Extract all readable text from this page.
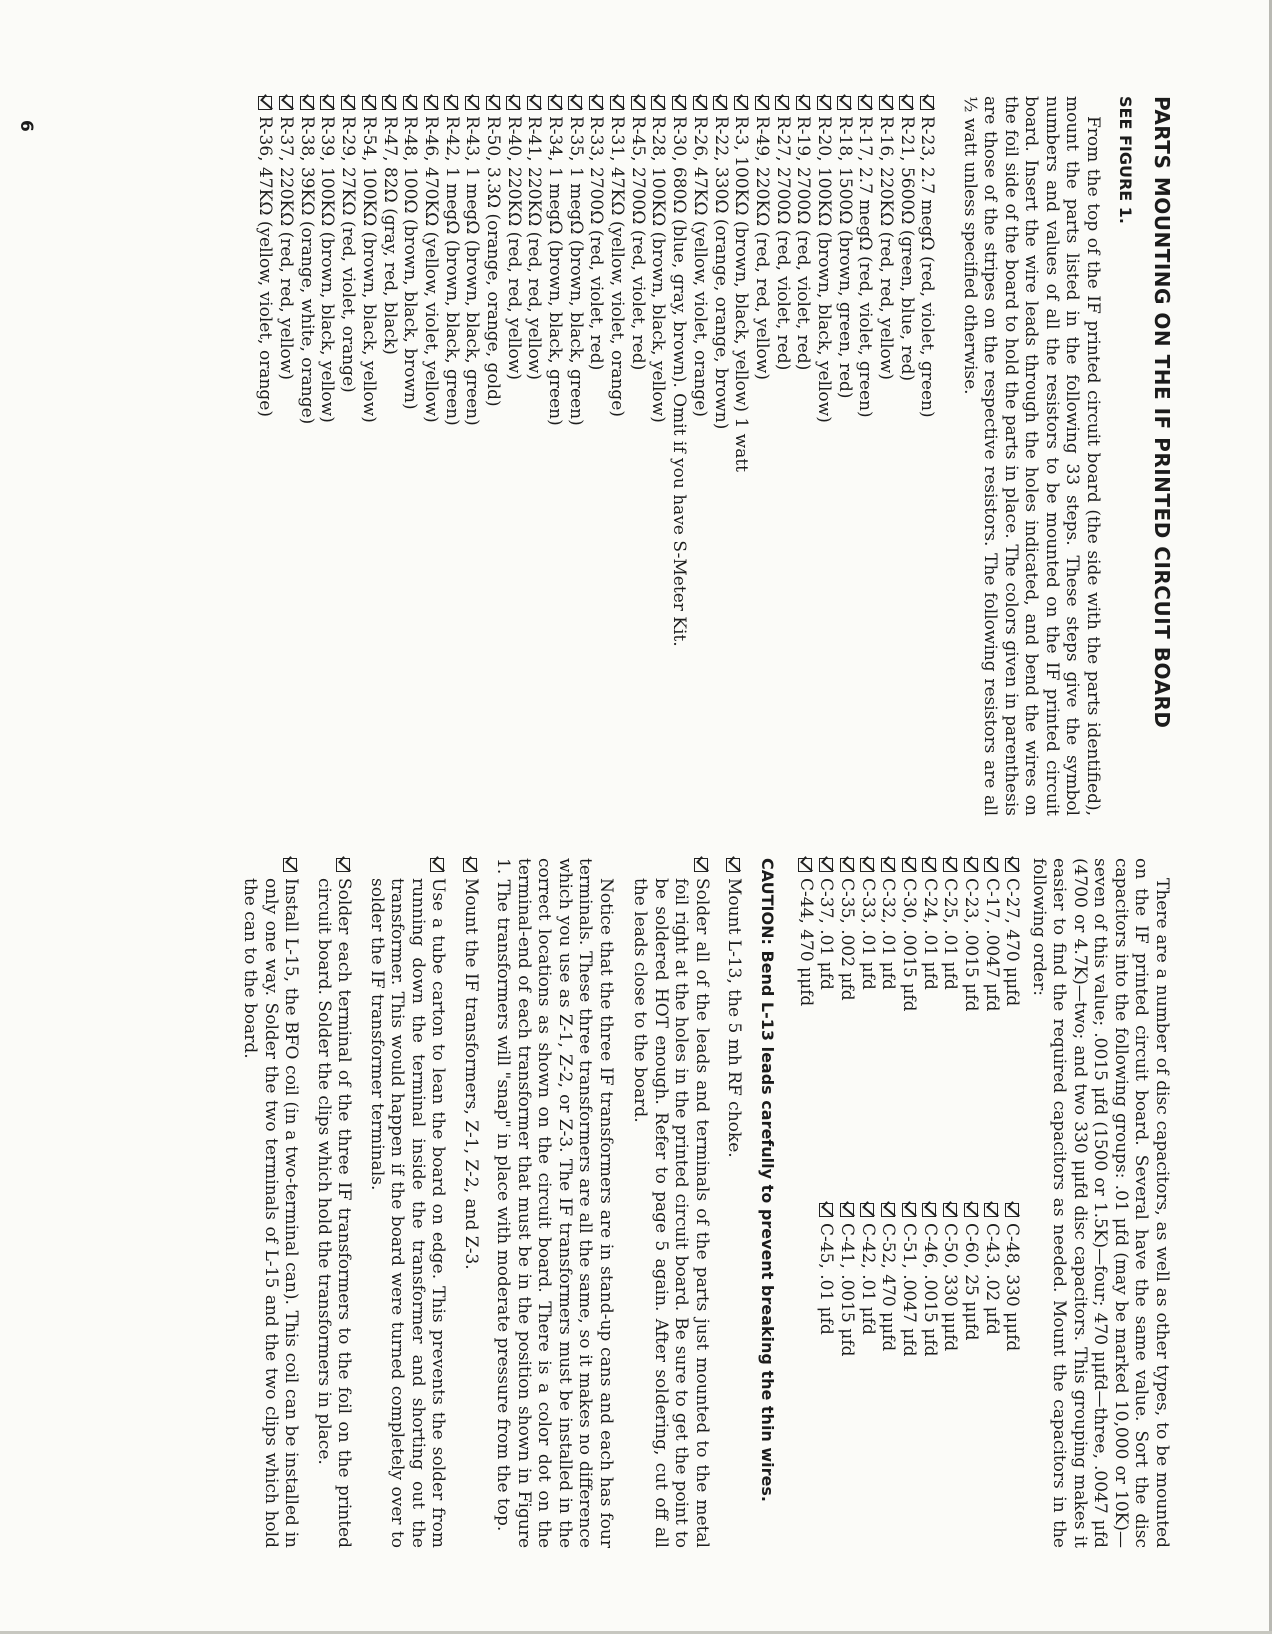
PARTS MOUNTING ON THE IF PRINTED CIRCUIT BOARD
SEE FIGURE 1.

From the top of the IF printed circuit board (the side with the parts identified), mount the parts listed in the following 33 steps. These steps give the symbol numbers and values of all the resistors to be mounted on the IF printed circuit board. Insert the wire leads through the holes indicated, and bend the wires on the foil side of the board to hold the parts in place. The colors given in parenthesis are those of the stripes on the respective resistors. The following resistors are all ½ watt unless specified otherwise.

R-23, 2.7 megΩ (red, violet, green)
R-21, 5600Ω (green, blue, red)
R-16, 220KΩ (red, red, yellow)
R-17, 2.7 megΩ (red, violet, green)
R-18, 1500Ω (brown, green, red)
R-20, 100KΩ (brown, black, yellow)
R-19, 2700Ω (red, violet, red)
R-27, 2700Ω (red, violet, red)
R-49, 220KΩ (red, red, yellow)
R-3, 100KΩ (brown, black, yellow) 1 watt
R-22, 330Ω (orange, orange, brown)
R-26, 47KΩ (yellow, violet, orange)
R-30, 680Ω (blue, gray, brown). Omit if you have S-Meter Kit.
R-28, 100KΩ (brown, black, yellow)
R-45, 2700Ω (red, violet, red)
R-31, 47KΩ (yellow, violet, orange)
R-33, 2700Ω (red, violet, red)
R-35, 1 megΩ (brown, black, green)
R-34, 1 megΩ (brown, black, green)
R-41, 220KΩ (red, red, yellow)
R-40, 220KΩ (red, red, yellow)
R-50, 3.3Ω (orange, orange, gold)
R-43, 1 megΩ (brown, black, green)
R-42, 1 megΩ (brown, black, green)
R-46, 470KΩ (yellow, violet, yellow)
R-48, 100Ω (brown, black, brown)
R-47, 82Ω (gray, red, black)
R-54, 100KΩ (brown, black, yellow)
R-29, 27KΩ (red, violet, orange)
R-39, 100KΩ (brown, black, yellow)
R-38, 39KΩ (orange, white, orange)
R-37, 220KΩ (red, red, yellow)
R-36, 47KΩ (yellow, violet, orange)

There are a number of disc capacitors, as well as other types, to be mounted on the IF printed circuit board. Several have the same value. Sort the disc capacitors into the following groups: .01 μfd (may be marked 10,000 or 10K)—seven of this value; .0015 μfd (1500 or 1.5K)—four; 470 μμfd—three, .0047 μfd (4700 or 4.7K)—two; and two 330 μμfd disc capacitors. This grouping makes it easier to find the required capacitors as needed. Mount the capacitors in the following order:

C-27, 470 μμfd
C-17, .0047 μfd
C-23, .0015 μfd
C-25, .01 μfd
C-24, .01 μfd
C-30, .0015 μfd
C-32, .01 μfd
C-33, .01 μfd
C-35, .002 μfd
C-37, .01 μfd
C-44, 470 μμfd
C-48, 330 μμfd
C-43, .02 μfd
C-60, 25 μμfd
C-50, 330 μμfd
C-46, .0015 μfd
C-51, .0047 μfd
C-52, 470 μμfd
C-42, .01 μfd
C-41, .0015 μfd
C-45, .01 μfd
CAUTION: Bend L-13 leads carefully to prevent breaking the thin wires.
Mount L-13, the 5 mh RF choke.
Solder all of the leads and terminals of the parts just mounted to the metal foil right at the holes in the printed circuit board. Be sure to get the point to be soldered HOT enough. Refer to page 5 again. After soldering, cut off all the leads close to the board.

Notice that the three IF transformers are in stand-up cans and each has four terminals. These three transformers are all the same, so it makes no difference which you use as Z-1, Z-2, or Z-3. The IF transformers must be installed in the correct locations as shown on the circuit board. There is a color dot on the terminal-end of each transformer that must be in the position shown in Figure 1. The transformers will "snap" in place with moderate pressure from the top.

Mount the IF transformers, Z-1, Z-2, and Z-3.
Use a tube carton to lean the board on edge. This prevents the solder from running down the terminal inside the transformer and shorting out the transformer. This would happen if the board were turned completely over to solder the IF transformer terminals.
Solder each terminal of the three IF transformers to the foil on the printed circuit board. Solder the clips which hold the transformers in place.
Install L-15, the BFO coil (in a two-terminal can). This coil can be installed in only one way. Solder the two terminals of L-15 and the two clips which hold the can to the board.
6
